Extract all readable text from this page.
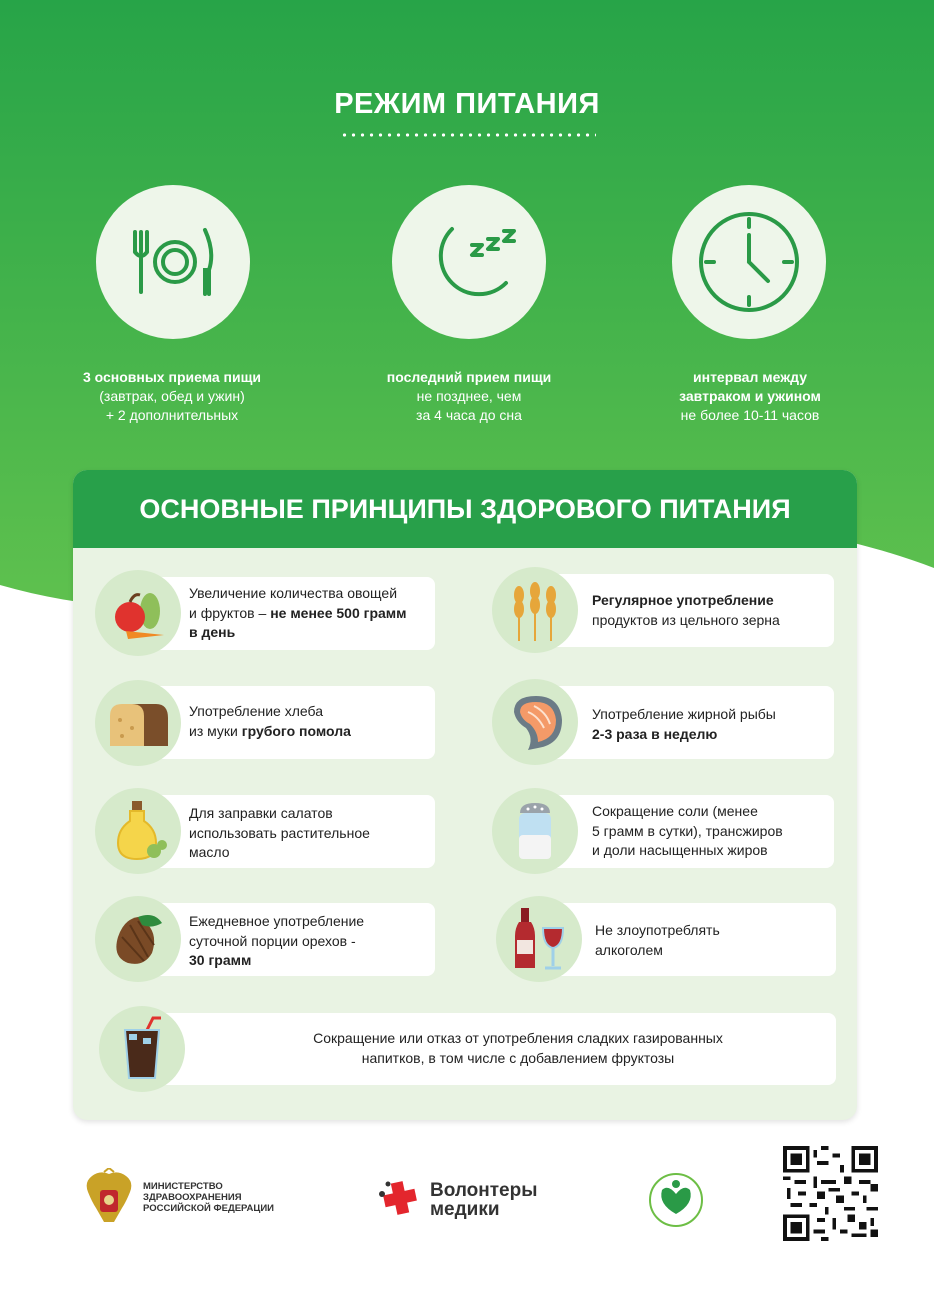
РЕЖИМ ПИТАНИЯ
3 основных приема пищи
(завтрак, обед и ужин)
+ 2 дополнительных
последний прием пищи
не позднее, чем
за 4 часа до сна
интервал между
завтраком и ужином
не более 10-11 часов
ОСНОВНЫЕ ПРИНЦИПЫ ЗДОРОВОГО ПИТАНИЯ
Увеличение количества овощей
и фруктов – не менее 500 грамм
в день
Регулярное употребление
продуктов из цельного зерна
Употребление хлеба
из муки грубого помола
Употребление жирной рыбы
2-3 раза в неделю
Для заправки салатов
использовать растительное
масло
Сокращение соли (менее
5 грамм в сутки), трансжиров
и доли насыщенных жиров
Ежедневное употребление
суточной порции орехов -
30 грамм
Не злоупотреблять
алкоголем
Сокращение или отказ от употребления сладких газированных
напитков, в том числе с добавлением фруктозы
МИНИСТЕРСТВО
ЗДРАВООХРАНЕНИЯ
РОССИЙСКОЙ ФЕДЕРАЦИИ
Волонтеры
медики
